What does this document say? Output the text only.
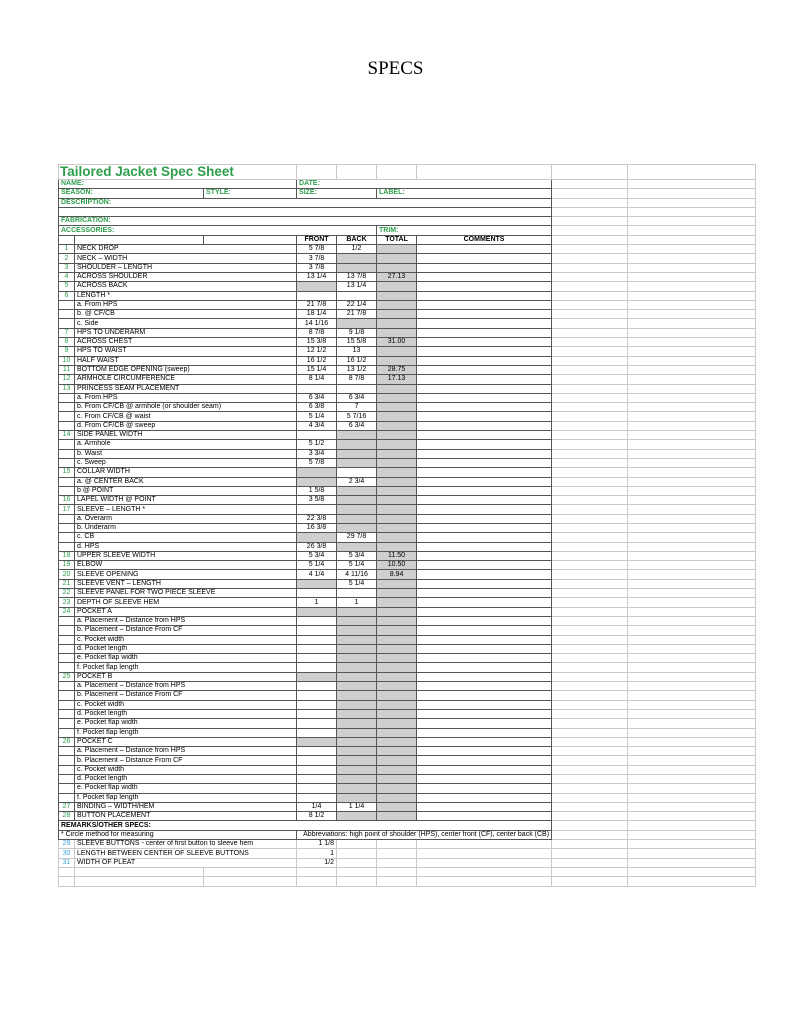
SPECS
Tailored Jacket Spec Sheet								
NAME:			DATE:					
SEASON:		STYLE:	SIZE:		LABEL:			
DESCRIPTION:								

FABRICATION:								
ACCESSORIES:					TRIM:			
			FRONT	BACK	TOTAL	COMMENTS		
1	NECK DROP		5 7/8	1/2				
2	NECK – WIDTH		3 7/8					
3	SHOULDER – LENGTH		3 7/8					
4	ACROSS SHOULDER		13 1/4	13 7/8	27.13			
5	ACROSS BACK			13 1/4				
6	LENGTH *							
	a. From HPS		21 7/8	22 1/4				
	b. @ CF/CB		18 1/4	21 7/8				
	c. Side		14 1/16					
7	HPS TO UNDERARM		8 7/8	9 1/8				
8	ACROSS CHEST		15 3/8	15 5/8	31.00			
9	HPS TO WAIST		12 1/2	13				
10	HALF WAIST		16 1/2	16 1/2				
11	BOTTOM EDGE OPENING (sweep)		15 1/4	13 1/2	28.75			
12	ARMHOLE CIRCUMFERENCE		8 1/4	8 7/8	17.13			
13	PRINCESS SEAM PLACEMENT							
	a. From HPS		6 3/4	6 3/4				
	b. From CF/CB @ armhole (or shoulder seam)		6 3/8	7				
	c. From CF/CB @ waist		5 1/4	5 7/16				
	d. From CF/CB @ sweep		4 3/4	6 3/4				
14	SIDE PANEL WIDTH							
	a. Armhole		5 1/2					
	b. Waist		3 3/4					
	c. Sweep		5 7/8					
15	COLLAR WIDTH							
	a. @ CENTER BACK			2 3/4				
	b @ POINT		1 5/8					
16	LAPEL WIDTH @ POINT		3 5/8					
17	SLEEVE – LENGTH *							
	a. Overarm		22 3/8					
	b. Underarm		16 3/8					
	c. CB			29 7/8				
	d. HPS		26 3/8					
18	UPPER SLEEVE WIDTH		5 3/4	5 3/4	11.50			
19	ELBOW		5 1/4	5 1/4	10.50			
20	SLEEVE OPENING		4 1/4	4 11/16	8.94			
21	SLEEVE VENT – LENGTH			5 1/4				
22	SLEEVE PANEL FOR TWO PIECE SLEEVE							
23	DEPTH OF SLEEVE HEM		1	1				
24	POCKET A							
	a. Placement – Distance from HPS							
	b. Placement – Distance From CF							
	c. Pocket width							
	d. Pocket length							
	e. Pocket flap width							
	f. Pocket flap length							
25	POCKET B							
	a. Placement – Distance from HPS							
	b. Placement – Distance From CF							
	c. Pocket width							
	d. Pocket length							
	e. Pocket flap width							
	f. Pocket flap length							
26	POCKET C							
	a. Placement – Distance from HPS							
	b. Placement – Distance From CF							
	c. Pocket width							
	d. Pocket length							
	e. Pocket flap width							
	f. Pocket flap length							
27	BINDING – WIDTH/HEM		1/4	1 1/4				
28	BUTTON PLACEMENT		8 1/2					
REMARKS/OTHER SPECS:								
* Circle method for measuring			Abbreviations: high point of shoulder (HPS), center front (CF), center back (CB)					
29	SLEEVE BUTTONS - center of first button to sleeve hem		1 1/8					
30	LENGTH BETWEEN CENTER OF SLEEVE BUTTONS		1					
31	WIDTH OF PLEAT		1/2					
